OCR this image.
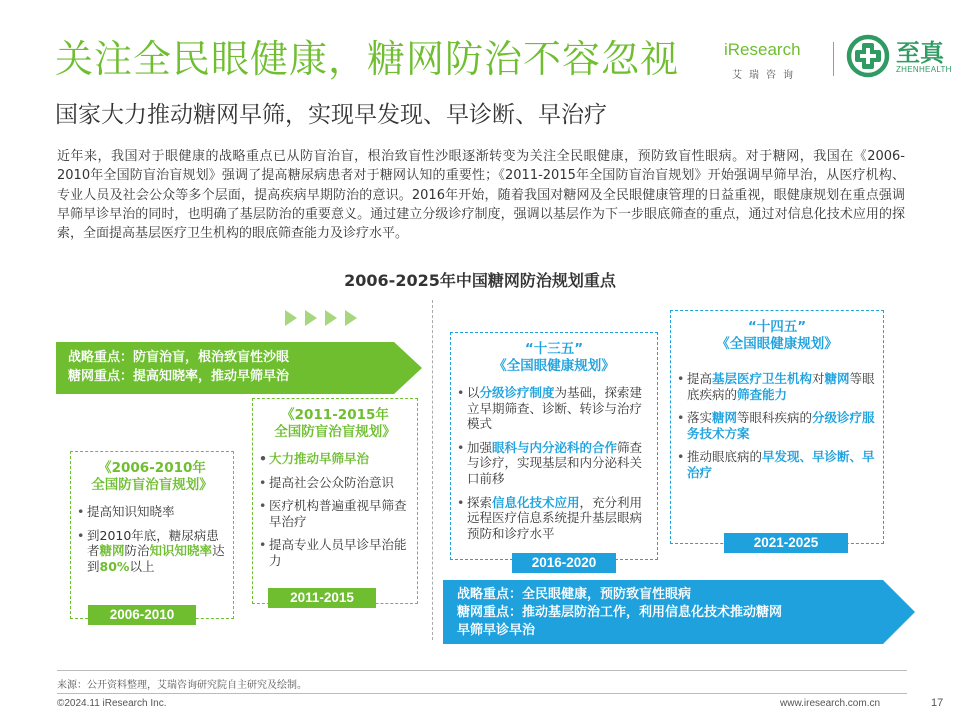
关注全民眼健康，糖网防治不容忽视
国家大力推动糖网早筛，实现早发现、早诊断、早治疗
iResearch
艾瑞咨询
至真
ZHENHEALTH
近年来，我国对于眼健康的战略重点已从防盲治盲，根治致盲性沙眼逐渐转变为关注全民眼健康，预防致盲性眼病。对于糖网，我国在《2006-2010年全国防盲治盲规划》强调了提高糖尿病患者对于糖网认知的重要性；《2011-2015年全国防盲治盲规划》开始强调早筛早治，从医疗机构、专业人员及社会公众等多个层面，提高疾病早期防治的意识。2016年开始，随着我国对糖网及全民眼健康管理的日益重视，眼健康规划在重点强调早筛早诊早治的同时，也明确了基层防治的重要意义。通过建立分级诊疗制度，强调以基层作为下一步眼底筛查的重点，通过对信息化技术应用的探索，全面提高基层医疗卫生机构的眼底筛查能力及诊疗水平。
2006-2025年中国糖网防治规划重点
战略重点：防盲治盲，根治致盲性沙眼
糖网重点：提高知晓率，推动早筛早治
战略重点：全民眼健康，预防致盲性眼病
糖网重点：推动基层防治工作，利用信息化技术推动糖网
早筛早诊早治
《2006-2010年
全国防盲治盲规划》
• 提高知识知晓率
• 到2010年底，糖尿病患者糖网防治知识知晓率达到80%以上
2006-2010
《2011-2015年
全国防盲治盲规划》
• 大力推动早筛早治
• 提高社会公众防治意识
• 医疗机构普遍重视早筛查早治疗
• 提高专业人员早诊早治能力
2011-2015
“十三五”
《全国眼健康规划》
• 以分级诊疗制度为基础，探索建立早期筛查、诊断、转诊与治疗模式
• 加强眼科与内分泌科的合作筛查与诊疗，实现基层和内分泌科关口前移
• 探索信息化技术应用，充分利用远程医疗信息系统提升基层眼病预防和诊疗水平
2016-2020
“十四五”
《全国眼健康规划》
• 提高基层医疗卫生机构对糖网等眼底疾病的筛查能力
• 落实糖网等眼科疾病的分级诊疗服务技术方案
• 推动眼底病的早发现、早诊断、早治疗
2021-2025
来源：公开资料整理，艾瑞咨询研究院自主研究及绘制。
©2024.11 iResearch Inc.	www.iresearch.com.cn	17
